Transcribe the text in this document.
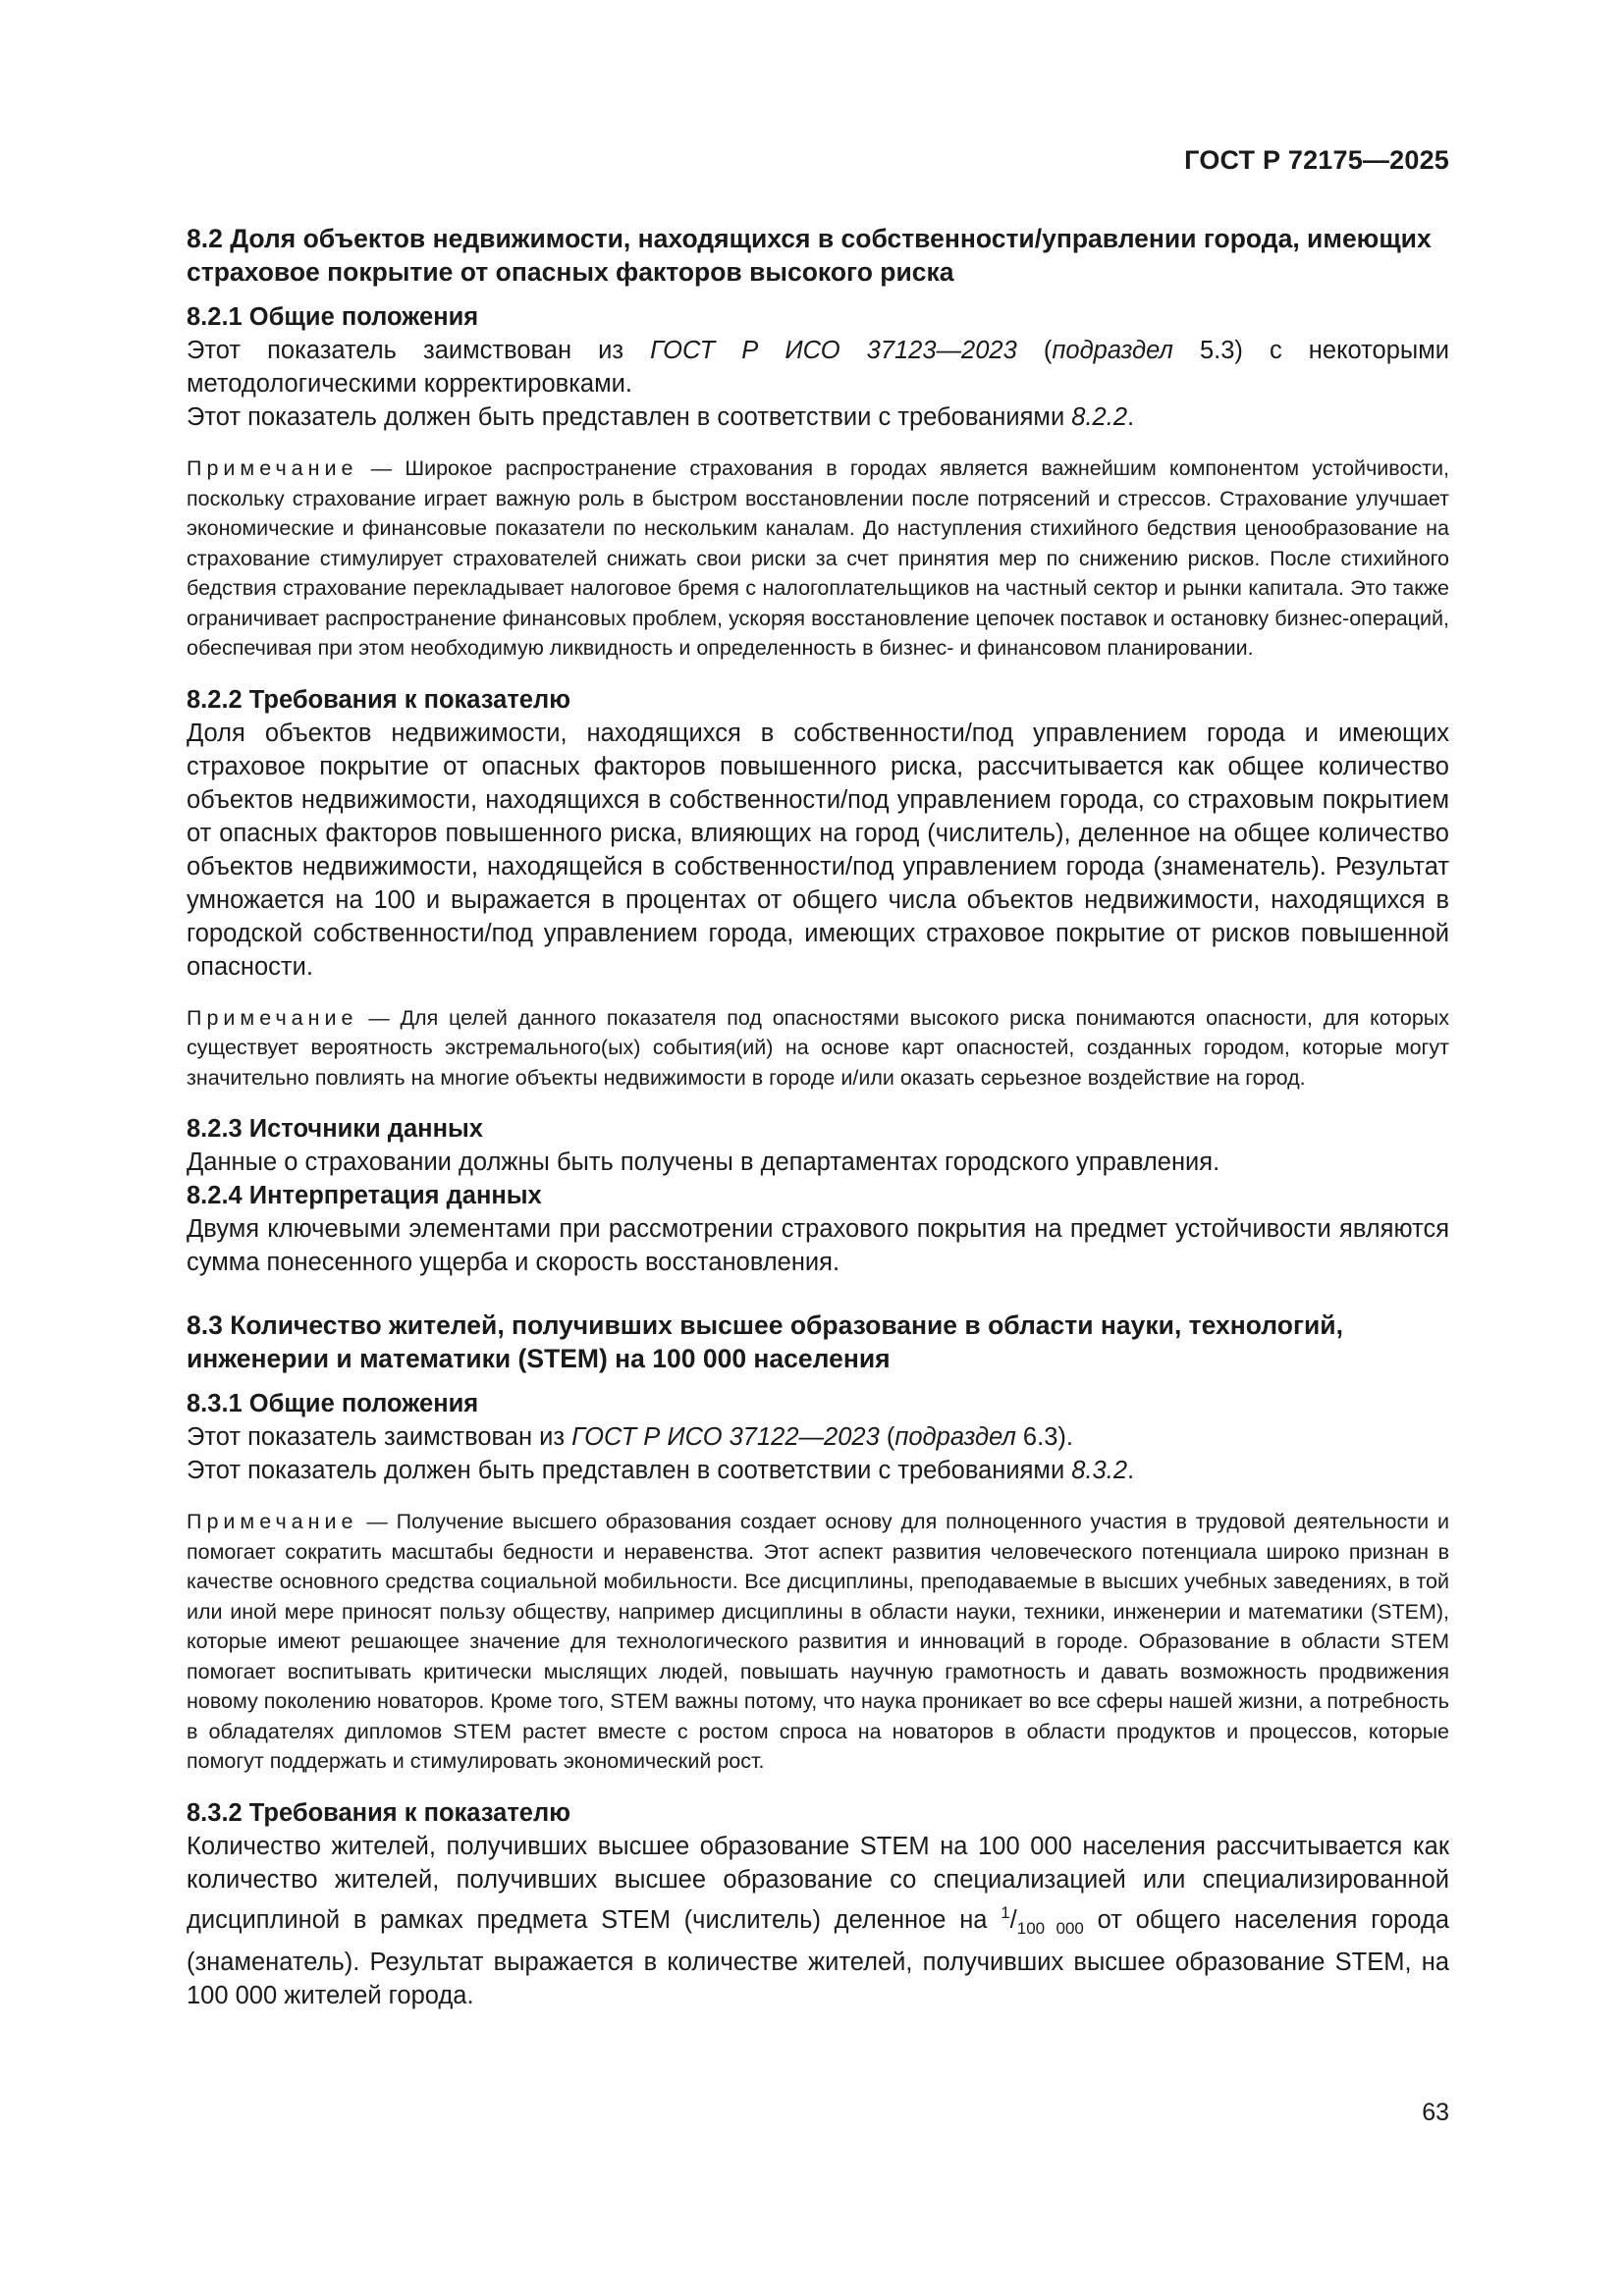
ГОСТ Р 72175—2025

8.2 Доля объектов недвижимости, находящихся в собственности/управлении города, имеющих страховое покрытие от опасных факторов высокого риска

8.2.1 Общие положения

Этот показатель заимствован из ГОСТ Р ИСО 37123—2023 (подраздел 5.3) с некоторыми методологическими корректировками.

Этот показатель должен быть представлен в соответствии с требованиями 8.2.2.

Примечание — Широкое распространение страхования в городах является важнейшим компонентом устойчивости, поскольку страхование играет важную роль в быстром восстановлении после потрясений и стрессов. Страхование улучшает экономические и финансовые показатели по нескольким каналам. До наступления стихийного бедствия ценообразование на страхование стимулирует страхователей снижать свои риски за счет принятия мер по снижению рисков. После стихийного бедствия страхование перекладывает налоговое бремя с налогоплательщиков на частный сектор и рынки капитала. Это также ограничивает распространение финансовых проблем, ускоряя восстановление цепочек поставок и остановку бизнес-операций, обеспечивая при этом необходимую ликвидность и определенность в бизнес- и финансовом планировании.

8.2.2 Требования к показателю

Доля объектов недвижимости, находящихся в собственности/под управлением города и имеющих страховое покрытие от опасных факторов повышенного риска, рассчитывается как общее количество объектов недвижимости, находящихся в собственности/под управлением города, со страховым покрытием от опасных факторов повышенного риска, влияющих на город (числитель), деленное на общее количество объектов недвижимости, находящейся в собственности/под управлением города (знаменатель). Результат умножается на 100 и выражается в процентах от общего числа объектов недвижимости, находящихся в городской собственности/под управлением города, имеющих страховое покрытие от рисков повышенной опасности.

Примечание — Для целей данного показателя под опасностями высокого риска понимаются опасности, для которых существует вероятность экстремального(ых) события(ий) на основе карт опасностей, созданных городом, которые могут значительно повлиять на многие объекты недвижимости в городе и/или оказать серьезное воздействие на город.

8.2.3 Источники данных

Данные о страховании должны быть получены в департаментах городского управления.

8.2.4 Интерпретация данных

Двумя ключевыми элементами при рассмотрении страхового покрытия на предмет устойчивости являются сумма понесенного ущерба и скорость восстановления.

8.3 Количество жителей, получивших высшее образование в области науки, технологий, инженерии и математики (STEM) на 100 000 населения

8.3.1 Общие положения

Этот показатель заимствован из ГОСТ Р ИСО 37122—2023 (подраздел 6.3).

Этот показатель должен быть представлен в соответствии с требованиями 8.3.2.

Примечание — Получение высшего образования создает основу для полноценного участия в трудовой деятельности и помогает сократить масштабы бедности и неравенства. Этот аспект развития человеческого потенциала широко признан в качестве основного средства социальной мобильности. Все дисциплины, преподаваемые в высших учебных заведениях, в той или иной мере приносят пользу обществу, например дисциплины в области науки, техники, инженерии и математики (STEM), которые имеют решающее значение для технологического развития и инноваций в городе. Образование в области STEM помогает воспитывать критически мыслящих людей, повышать научную грамотность и давать возможность продвижения новому поколению новаторов. Кроме того, STEM важны потому, что наука проникает во все сферы нашей жизни, а потребность в обладателях дипломов STEM растет вместе с ростом спроса на новаторов в области продуктов и процессов, которые помогут поддержать и стимулировать экономический рост.

8.3.2 Требования к показателю

Количество жителей, получивших высшее образование STEM на 100 000 населения рассчитывается как количество жителей, получивших высшее образование со специализацией или специализированной дисциплиной в рамках предмета STEM (числитель) деленное на $^1/_{100 000}$ от общего населения города (знаменатель). Результат выражается в количестве жителей, получивших высшее образование STEM, на 100 000 жителей города.

63
